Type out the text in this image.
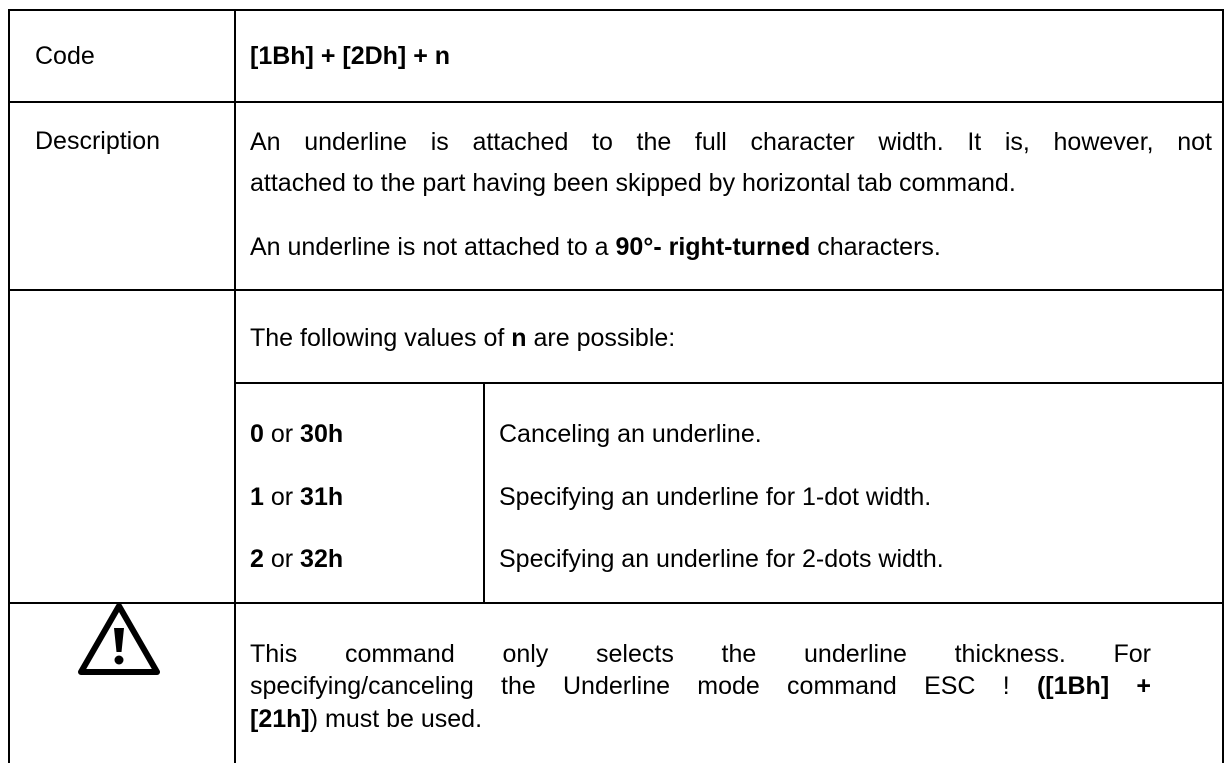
Code	[1Bh] + [2Dh] + n
Description	An underline is attached to the full character width. It is, however, not
attached to the part having been skipped by horizontal tab command.
An underline is not attached to a 90°- right-turned characters.
The following values of n are possible:
0 or 30h	Canceling an underline.
1 or 31h	Specifying an underline for 1-dot width.
2 or 32h	Specifying an underline for 2-dots width.
This command only selects the underline thickness. For
specifying/canceling the Underline mode command ESC ! ([1Bh] +
[21h]) must be used.
